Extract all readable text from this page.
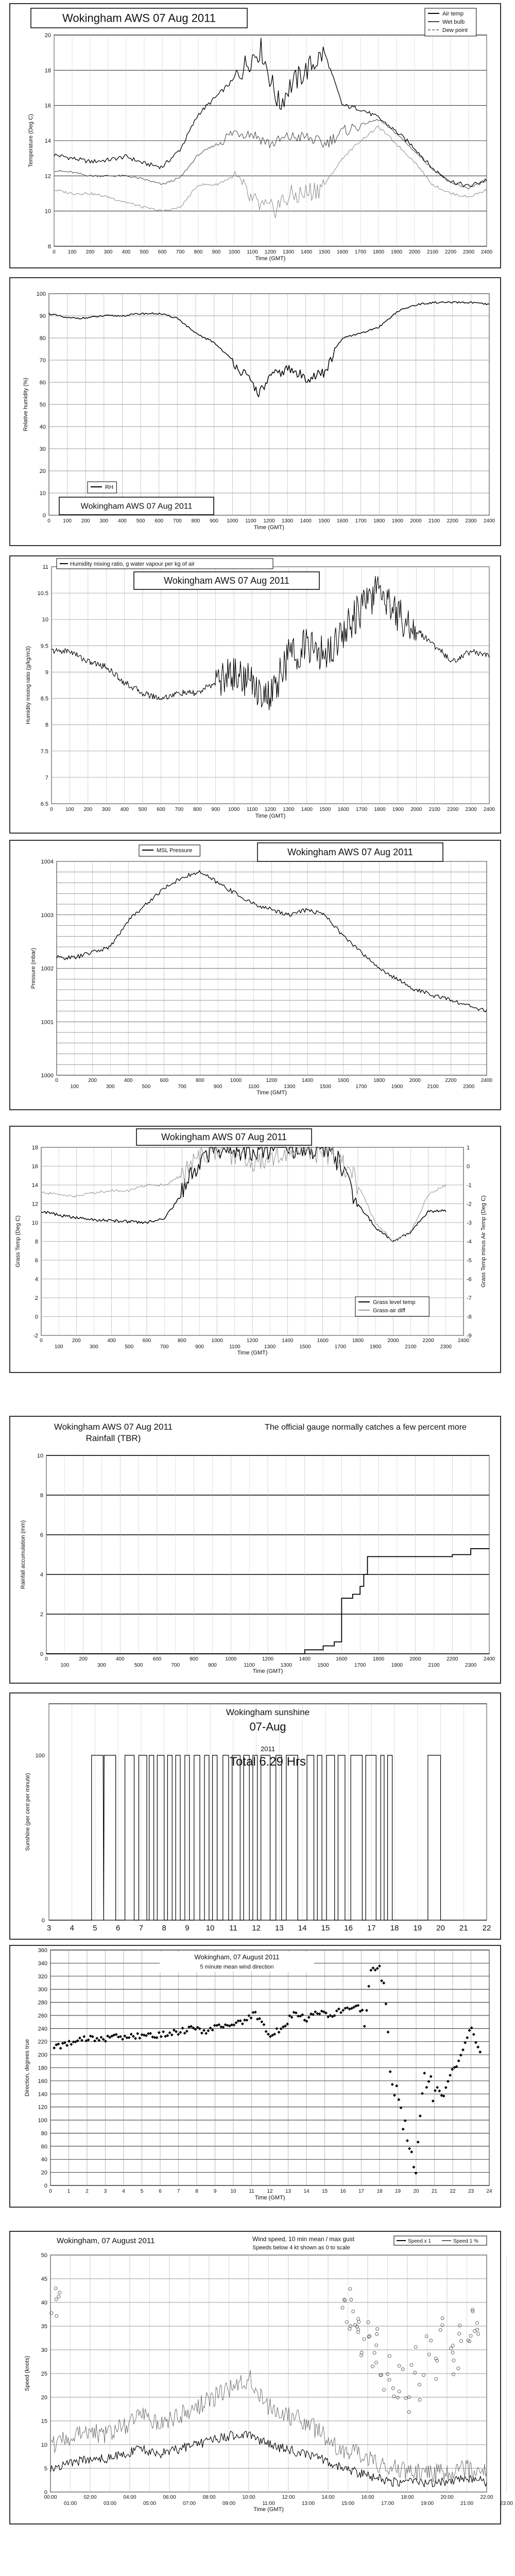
8
10
12
14
16
18
20
0 100 200 300 400 500 600 700 800 900 1000 1100 1200 1300 1400 1500 1600 1700 1800 1900 2000 2100 2200 2300 2400
Time (GMT)
Temperature (Deg C)
Wokingham AWS 07 Aug 2011	Air temp
Wet bulb
Dew point
0
10
20
30
40
50
60
70
80
90
100
0 100 200 300 400 500 600 700 800 900 1000 1100 1200 1300 1400 1500 1600 1700 1800 1900 2000 2100 2200 2300 2400
Time (GMT)
Relative humidity (%)
RH
Wokingham AWS 07 Aug 2011
6.5
7
7.5
8
8.5
9
9.5
10
10.5
11
0 100 200 300 400 500 600 700 800 900 1000 1100 1200 1300 1400 1500 1600 1700 1800 1900 2000 2100 2200 2300 2400
Time (GMT)
Humidity mixing ratio (g/kg/m3)
Humidity mixing ratio, g water vapour per kg of air
Wokingham AWS 07 Aug 2011
1000
1001
1002
1003
1004
0	200	400	600	800	1000	1200	1400	1600	1800	2000	2200	2400
100	300	500	700	900	1100	1300	1500	1700	1900	2100	2300
Time (GMT)
Pressure (mbar)
MSL Pressure	Wokingham AWS 07 Aug 2011
-2
0
2
4
6
8
10
12
14
16
18
0	200	400	600	800	1000	1200	1400	1600	1800	2000	2200	2400
100	300	500	700	900	1100	1300	1500	1700	1900	2100	2300
Time (GMT)
Grass Temp (Deg C)
-9
-8
-7
-6
-5
-4
-3
-2
-1
0
1
Grass Temp minus Air Temp (Deg C)
Grass level temp
Grass-air diff
Wokingham AWS 07 Aug 2011
0
2
4
6
8
10
0	200	400	600	800	1000	1200	1400	1600	1800	2000	2200	2400
100	300	500	700	900	1100	1300	1500	1700	1900	2100	2300
Time (GMT)
Rainfall accumulation (mm)
Wokingham AWS 07 Aug 2011
Rainfall (TBR)
The official gauge normally catches a few percent more
3 4 5 6 7 8 9 10 11 12 13 14 15 16 17 18 19 20 21 22
100
0
Sunshine (per cent per minute)
Wokingham sunshine
07-Aug
2011
Total 6.29 Hrs
0
20
40
60
80
100
120
140
160
180
200
220
240
260
280
300
320
340
360
0	1	2	3	4	5	6	7	8	9	10 11 12 13 14 15 16 17 18 19 20 21 22 23 24
Time (GMT)
Direction, degrees true
Wokingham, 07 August 2011
5 minute mean wind direction
0
5
10
15
20
25
30
35
40
45
50
00:00	02:00	04:00	06:00	08:00	10:00	12:00	14:00	16:00	18:00	20:00	22:00
01:00	03:00	05:00	07:00	09:00	11:00	13:00	15:00	17:00	19:00	21:00	23:00
Time (GMT)
Speed (knots)
Wokingham, 07 August 2011	Wind speed, 10 min mean / max gust
Speeds below 4 kt shown as 0 to scale
Speed x 1	Speed 1 %
